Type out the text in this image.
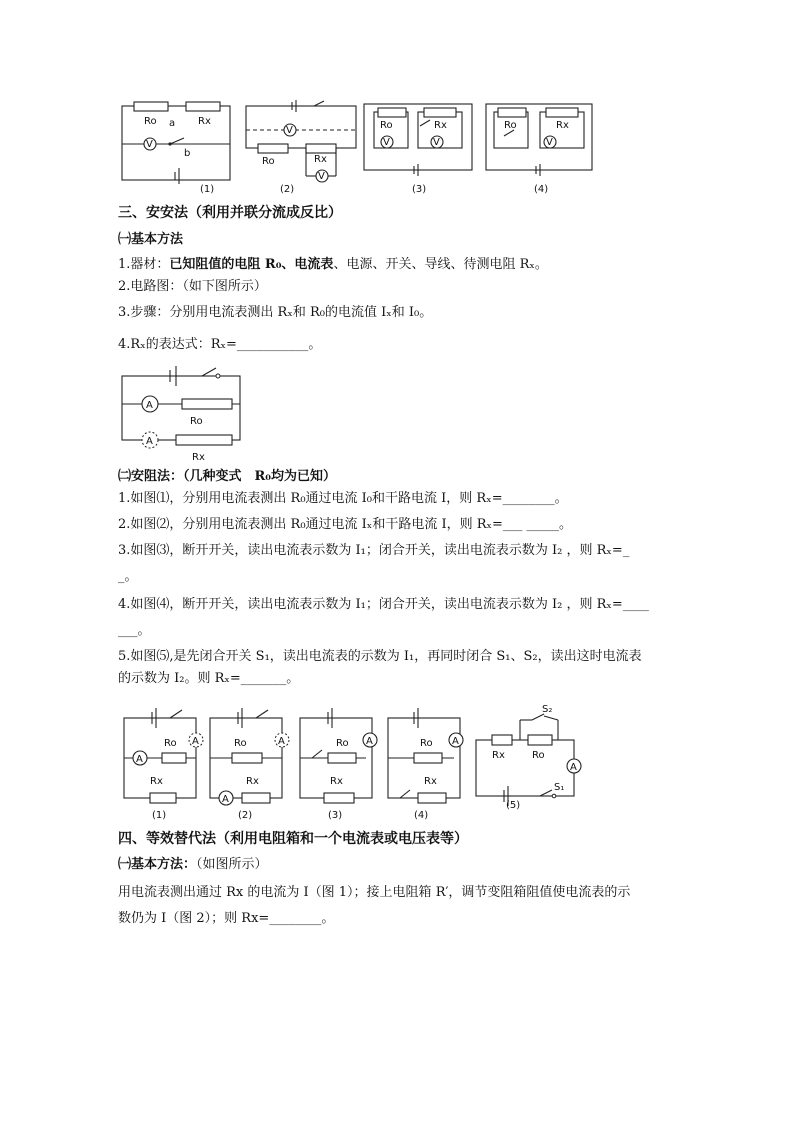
V
Ro a Rx
b
(1)
V
V
Ro	Rx
(2)
V	V
Ro	Rx
(3)
V
Ro	Rx
(4)
三、安安法（利用并联分流成反比）
㈠基本方法
1.器材：已知阻值的电阻 R₀、电流表、电源、开关、导线、待测电阻 Rₓ。
2.电路图：（如下图所示）
3.步骤：分别用电流表测出 Rₓ和 R₀的电流值 Iₓ和 I₀。
4.Rₓ的表达式：Rₓ=___________。
A
A
Ro
Rx
㈡安阻法：（几种变式　R₀均为已知）
1.如图⑴，分别用电流表测出 R₀通过电流 I₀和干路电流 I，则 Rₓ=________。
2.如图⑵，分别用电流表测出 R₀通过电流 Iₓ和干路电流 I，则 Rₓ=___ _____。
3.如图⑶，断开开关，读出电流表示数为 I₁；闭合开关，读出电流表示数为 I₂ ，则 Rₓ=_
_。
4.如图⑷，断开开关，读出电流表示数为 I₁；闭合开关，读出电流表示数为 I₂ ，则 Rₓ=____
___。
5.如图⑸,是先闭合开关 S₁，读出电流表的示数为 I₁，再同时闭合 S₁、S₂，读出这时电流表
的示数为 I₂。则 Rₓ=_______。
A
A
Ro
Rx
(1)
A
A
Ro
Rx
(2)
A
Ro
Rx
(3)
A
Ro
Rx
(4)
A
S₂
Rx	Ro
S₁
(5)
四、等效替代法（利用电阻箱和一个电流表或电压表等）
㈠基本方法：（如图所示）
用电流表测出通过 Rx 的电流为 I（图 1）；接上电阻箱 R′，调节变阻箱阻值使电流表的示
数仍为 I（图 2）；则 Rx=________。
